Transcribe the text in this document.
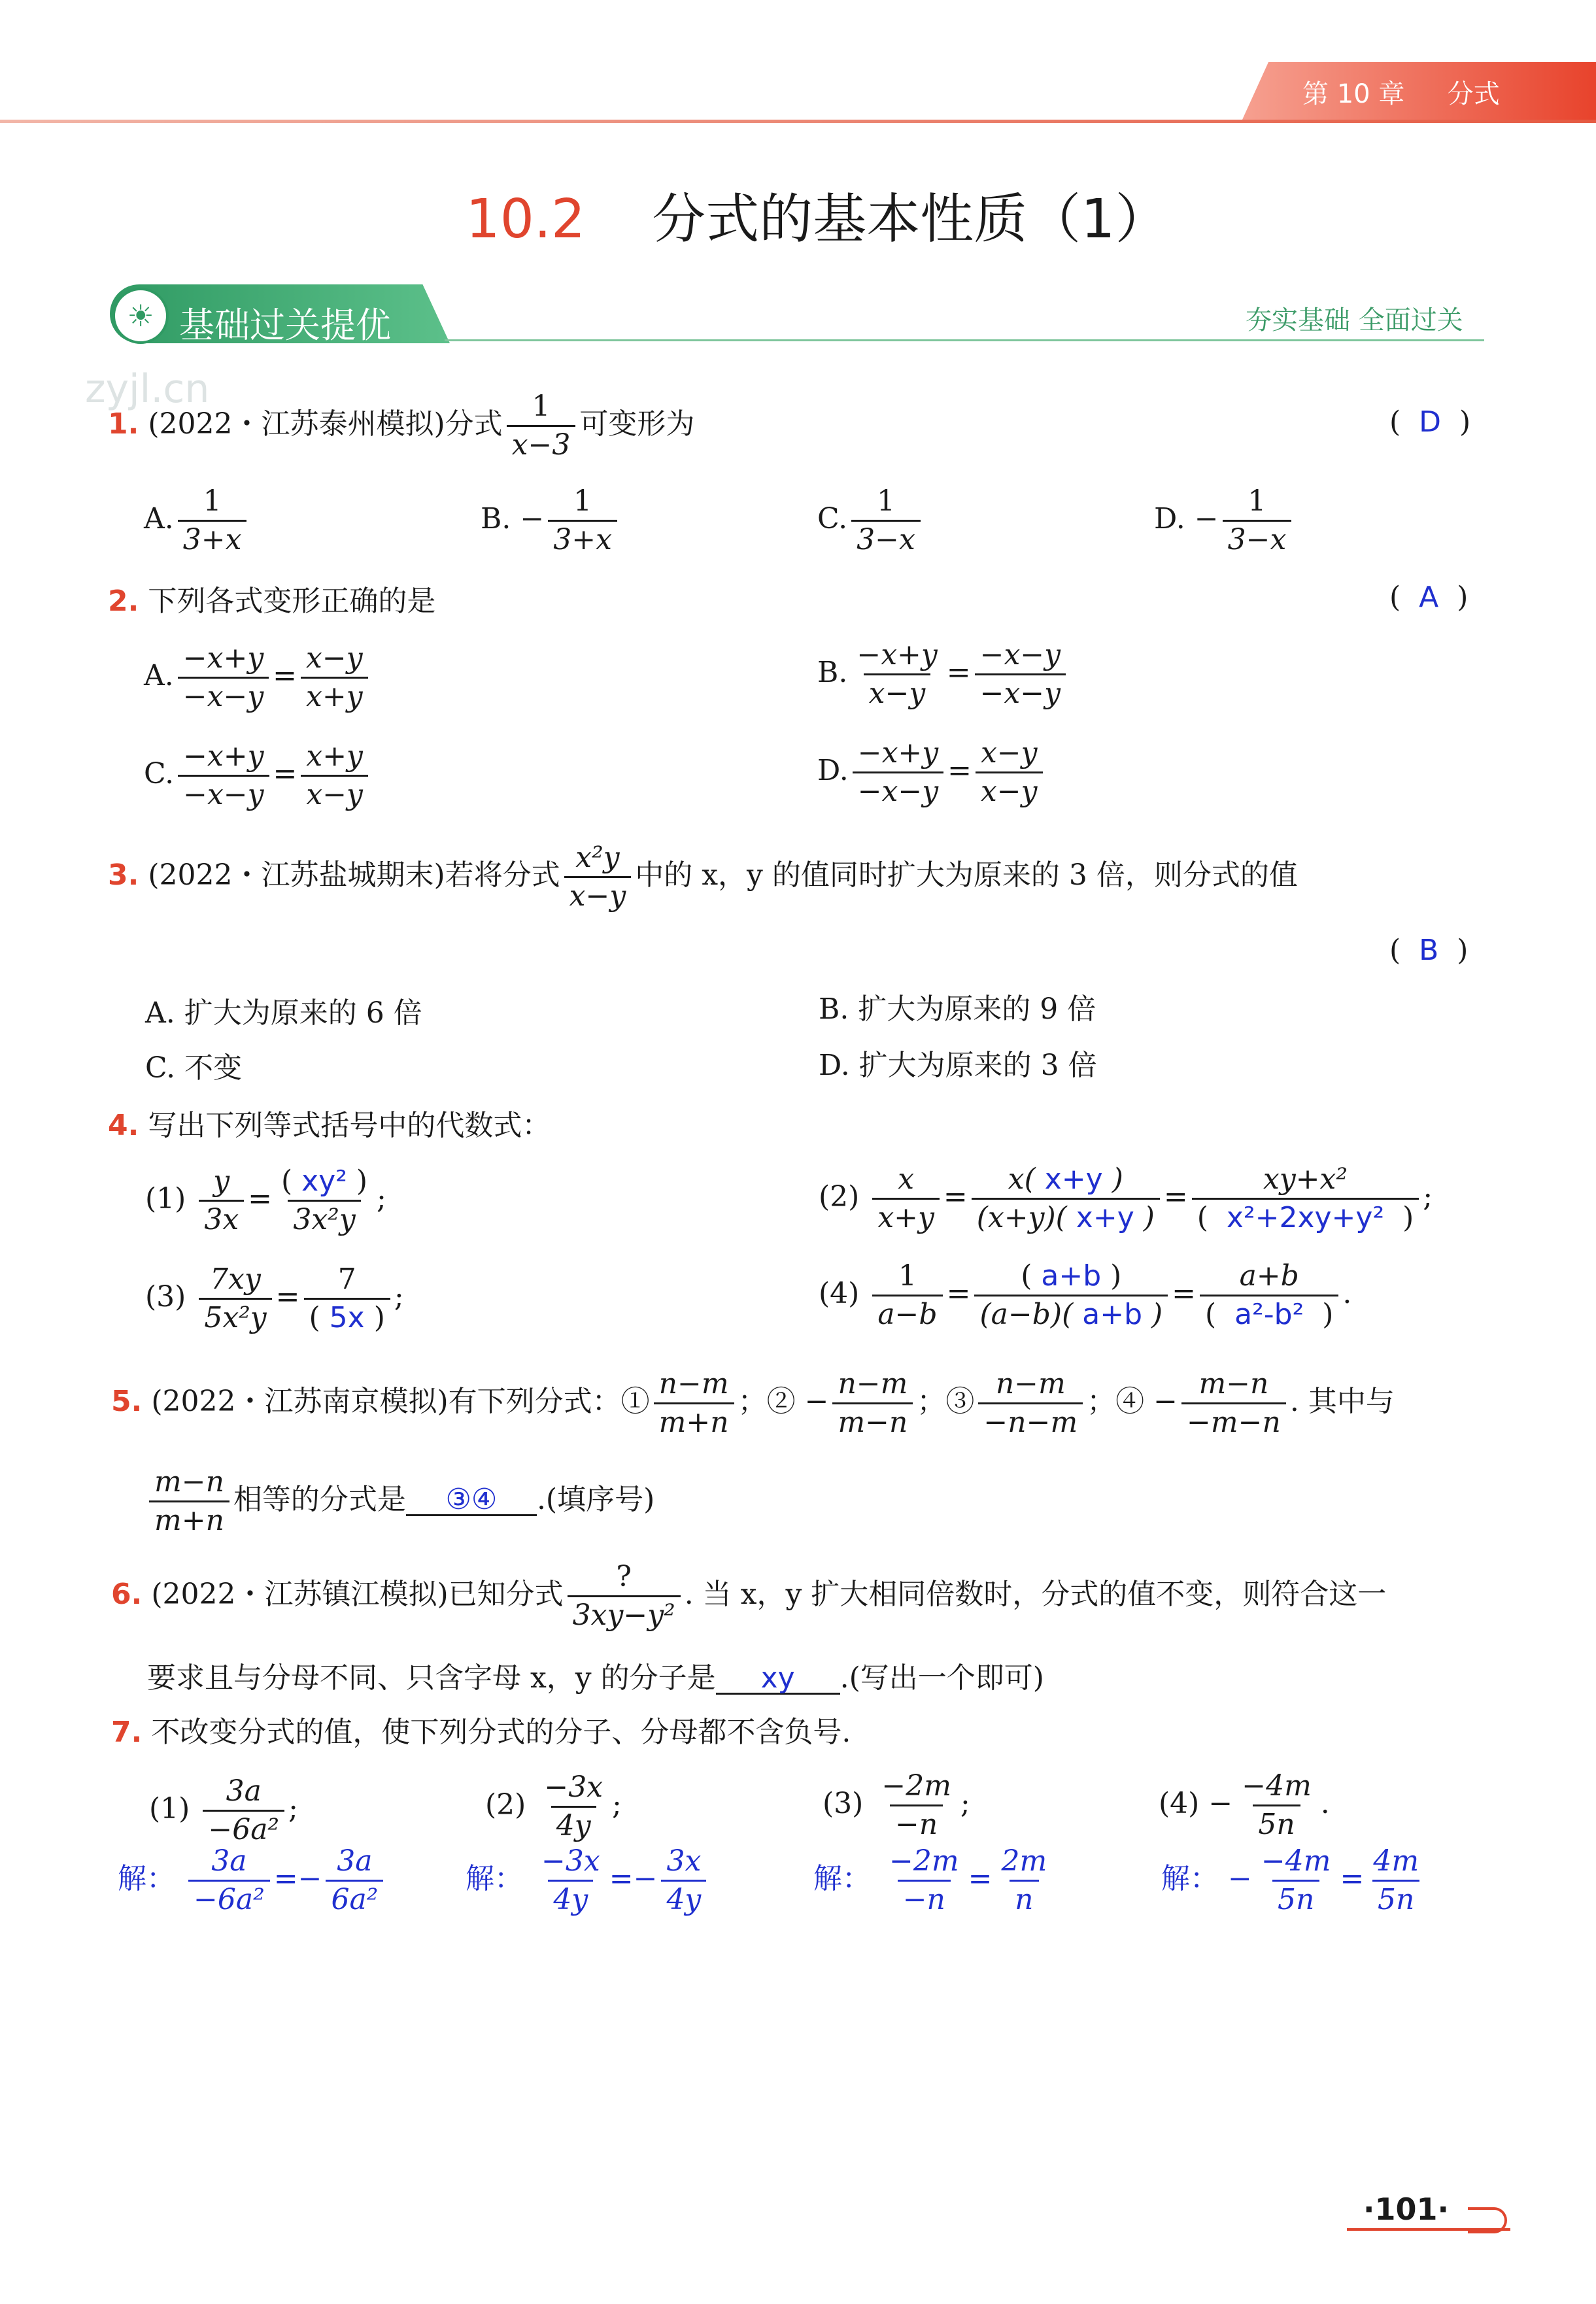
第 10 章 分式
10.2 分式的基本性质（1）
☀ 基础过关提优	夯实基础 全面过关
zyjl.cn
1. (2022・江苏泰州模拟)分式 $\frac{1}{x-3}$ 可变形为	(  D  )
A. $\frac{1}{3+x}$	B. − $\frac{1}{3+x}$	C. $\frac{1}{3-x}$	D. − $\frac{1}{3-x}$
2. 下列各式变形正确的是	(  A  )
A. $\frac{-x+y}{-x-y} = \frac{x-y}{x+y}$	B. $\frac{-x+y}{x-y} = \frac{-x-y}{-x-y}$
C. $\frac{-x+y}{-x-y} = \frac{x+y}{x-y}$	D. $\frac{-x+y}{-x-y} = \frac{x-y}{x-y}$
3. (2022・江苏盐城期末)若将分式 $\frac{\text{x²y}}{x-y}$ 中的 x，y 的值同时扩大为原来的 3 倍，则分式的值
(  B  )
A. 扩大为原来的 6 倍	B. 扩大为原来的 9 倍
C. 不变	D. 扩大为原来的 3 倍
4. 写出下列等式括号中的代数式：
$(1) \frac{y}{3x} = \frac{\text{( xy² )}}{\text{3x²y}}$ ;	$(2) \frac{x}{x+y} = \frac{x( x+y )}{(x+y)( x+y )} = \frac{\text{xy+x²}}{\text{(  x²+2xy+y²  )}}$ ;
$(3) \frac{7xy}{\text{5x²y}} = \frac{7}{( 5x )}$ ;	$(4) \frac{1}{a-b} = \frac{( a+b )}{(a-b)( a+b )} = \frac{a+b}{\text{(  a²-b²  )}}$ .
5. (2022・江苏南京模拟)有下列分式：① $\frac{n-m}{m+n}$ ；② − $\frac{n-m}{m-n}$ ；③ $\frac{n-m}{-n-m}$ ；④ − $\frac{m-n}{-m-n}$ . 其中与
$\frac{m-n}{m+n}$ 相等的分式是 ③④ .(填序号)
6. (2022・江苏镇江模拟)已知分式 $\frac{?}{\text{3xy−y²}}$ . 当 x，y 扩大相同倍数时，分式的值不变，则符合这一
要求且与分母不同、只含字母 x，y 的分子是 xy .(写出一个即可)
7. 不改变分式的值，使下列分式的分子、分母都不含负号.
$(1) \frac{3a}{\text{−6a²}}$ ;	$(2) \frac{-3x}{4y}$ ;	$(3) \frac{-2m}{-n}$ ;	$(4) - \frac{-4m}{5n}$ .
解： $\frac{3a}{\text{−6a²}} =- \frac{3a}{\text{6a²}}$	解： $\frac{-3x}{4y} =- \frac{3x}{4y}$	解： $\frac{-2m}{-n} = \frac{2m}{n}$	解： − $\frac{-4m}{5n} = \frac{4m}{5n}$
·101·
